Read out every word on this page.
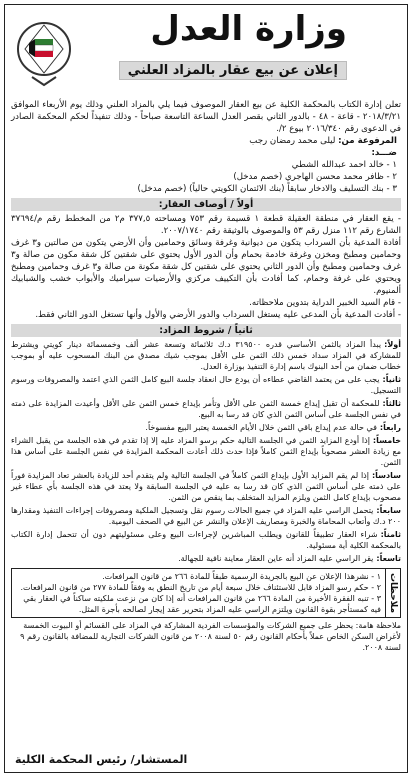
وزارة العدل
إعلان عن بيع عقار بالمزاد العلني

تعلن إدارة الكتاب بالمحكمة الكلية عن بيع العقار الموصوف فيما يلي بالمزاد العلني وذلك يوم الأربعاء الموافق ٢٠١٨/٣/٢١ - قاعة - ٤٨ - بالدور الثاني بقصر العدل الساعة التاسعة صباحاً - وذلك تنفيذاً لحكم المحكمة الصادر في الدعوى رقم ٢٠١٦/٣٤٠ بيوع ٢/.

المرفوعة من: ليلى محمد رمضان رجب
ضـــد:
١ - خالد احمد عبدالله الشطي
٢ - ظافر محمد محسن الهاجري (خصم مدخل)
٣ - بنك التسليف والادخار سابقاً (بنك الائتمان الكويتي حالياً) (خصم مدخل)
أولاً / أوصاف العقار:

- يقع العقار في منطقة العقيلة قطعة ١ قسيمة رقم ٧٥٣ ومساحته ٣٧٧,٥ م٢ من المخطط رقم م/٣٧٦٩٤ الشارع رقم ١١٢ منزل رقم ٥٣ والموصوف بالوثيقة رقم ٢٠٠٧/١٧٤٠.

أفادة المدعية بأن السرداب يتكون من ديوانية وغرفة وسائق وحمامين وأن الأرضي يتكون من صالتين و٣ غرف وحمامين ومطبخ ومخزن وغرفة خادمة بحمام وأن الدور الأول يحتوي على شقتين كل شقة مكون من صالة و٣ غرف وحمامين ومطبخ وأن الدور الثاني يحتوي على شقتين كل شقة مكونة من صالة و٣ غرف وحمامين ومطبخ ويحتوي على غرفة وحمام، كما أفادت بأن التكييف مركزي والأرضيات سيراميك والأبواب خشب والشبابيك ألمنيوم.

- قام السيد الخبير الدراية بتدوين ملاحظاته.

- أفادت المدعية بأن المدعى عليه يستغل السرداب والدور الأرضي والأول وأنها تستغل الدور الثاني فقط.

ثانياً / شروط المزاد:
أولاً:يبدأ المزاد بالثمن الأساسي قدره ٣١٩٥٠٠ د.ك ثلاثمائة وتسعة عشر ألف وخمسمائة دينار كويتي ويشترط للمشاركة في المزاد سداد خمس ذلك الثمن على الأقل بموجب شيك مصدق من البنك المسحوب عليه أو بموجب خطاب ضمان من أحد البنوك باسم إدارة التنفيذ بوزارة العدل.
ثانياً:يجب على من يعتمد القاضي عطاءه أن يودع حال انعقاد جلسة البيع كامل الثمن الذي اعتمد والمصروفات ورسوم التسجيل.
ثالثاً:للمحكمة أن تقبل إيداع خمسة الثمن على الأقل وتأمر بإيداع خمس الثمن على الأقل وأعيدت المزايدة على ذمته في نفس الجلسة على أساس الثمن الذي كان قد رسا به البيع.
رابعاً:في حالة عدم إيداع باقي الثمن خلال الأيام الخمسة يعتبر البيع مفسوخاً.
خامساً:إذا أودع المزايد الثمن في الجلسة التالية حكم برسو المزاد عليه إلا إذا تقدم في هذه الجلسة من يقبل الشراء مع زيادة العشر مصحوباً بإيداع الثمن كاملاً فإذا حدث ذلك أعادت المحكمة المزايدة في نفس الجلسة على أساس هذا الثمن.
سادساً:إذا لم يقم المزايد الأول بإيداع الثمن كاملاً في الجلسة التالية ولم يتقدم أحد للزيادة بالعشر تعاد المزايدة فوراً على ذمته على أساس الثمن الذي كان قد رسا به عليه في الجلسة السابقة ولا يعتد في هذه الجلسة بأي عطاء غير مصحوب بإيداع كامل الثمن ويلزم المزايد المتخلف بما ينقص من الثمن.
سابعاً:يتحمل الراسي عليه المزاد في جميع الحالات رسوم نقل وتسجيل الملكية ومصروفات إجراءات التنفيذ ومقدارها ٢٠٠ د.ك وأتعاب المحاماة والخبرة ومصاريف الإعلان والنشر عن البيع في الصحف اليومية.
ثامناً:شراء العقار تطبيقاً للقانون ويطلب المباشرين لإجراءات البيع وعلى مسئوليتهم دون أن تتحمل إدارة الكتاب بالمحكمة الكلية أية مسئولية.
تاسعاً:يقر الراسي عليه المزاد أنه عاين العقار معاينة نافية للجهالة.
ملاحظات
١ - نشرهذا الإعلان عن البيع بالجريدة الرسمية طبقاً للمادة ٢٦٦ من قانون المرافعات.
٢ - حكم رسو المزاد قابل للاستئناف خلال سبعة أيام من تاريخ النطق به وفقاً للمادة ٢٧٧ من قانون المرافعات.
٣ - تنبه الفقرة الأخيرة من المادة ٢٦٦ من قانون المرافعات أنه إذا كان من نزعت ملكيته ساكناً في العقار بقي فيه كمستأجر بقوة القانون ويلتزم الراسي عليه المزاد بتحرير عقد إيجار لصالحه بأجرة المثل.

ملاحظة هامة: يحظر على جميع الشركات والمؤسسات الفردية المشاركة في المزاد على القسائم أو البيوت الخمسة لأغراض السكن الخاص عملاً بأحكام القانون رقم ٥٠ لسنة ٢٠٠٨ من قانون الشركات التجارية للمضافة بالقانون رقم ٩ لسنة ٢٠٠٨.

المستشار/ رئيس المحكمة الكلية
